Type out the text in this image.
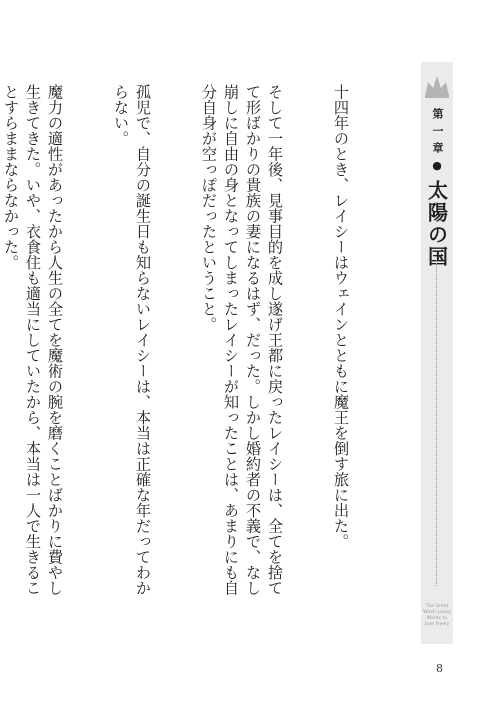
十四年のとき、レイシーはウェインとともに魔王を倒す旅に出た。

そして一年後、見事目的を成し遂げ王都に戻ったレイシーは、全てを捨てて形ばかりの貴族の妻になるはず、だった。しかし婚約者の不義で、なし崩しに自由の身となってしまったレイシーが知ったことは、あまりにも自分自身が空っぽだったということ。

孤児で、自分の誕生日も知らないレイシーは、本当は正確な年だってわからない。

魔力の適性があったから人生の全てを魔術の腕を磨くことばかりに費やし生きてきた。いや、衣食住も適当にしていたから、本当は一人で生きることすらままならなかった。

	第一章
●
太陽の国
The Great Witch Lacey Wants to Live Freely
8
